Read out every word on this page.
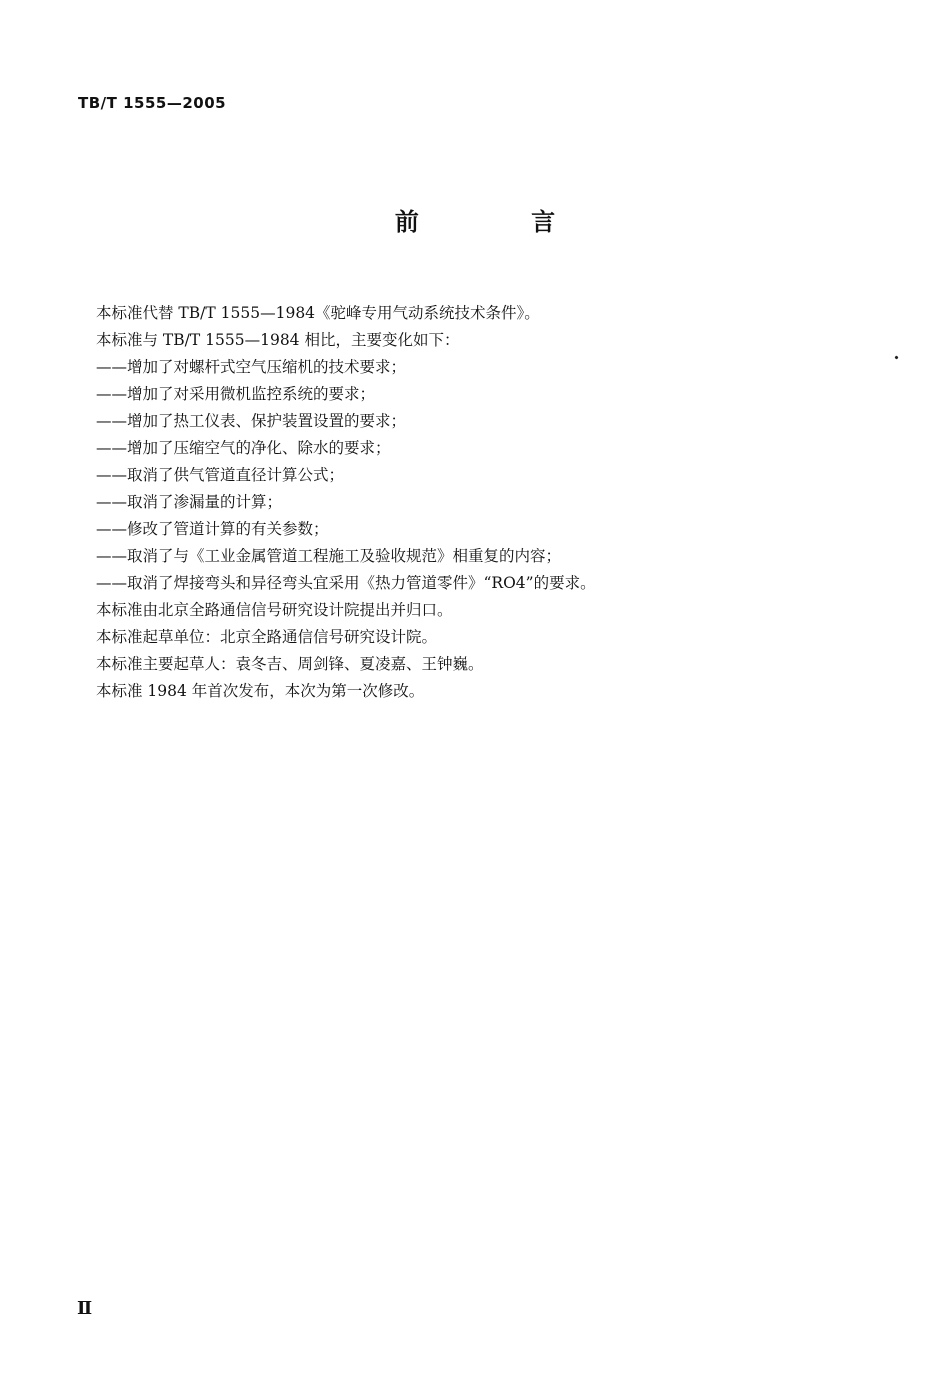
TB/T 1555—2005
前 言
本标准代替 TB/T 1555—1984《驼峰专用气动系统技术条件》。
本标准与 TB/T 1555—1984 相比，主要变化如下：
——增加了对螺杆式空气压缩机的技术要求；
——增加了对采用微机监控系统的要求；
——增加了热工仪表、保护装置设置的要求；
——增加了压缩空气的净化、除水的要求；
——取消了供气管道直径计算公式；
——取消了渗漏量的计算；
——修改了管道计算的有关参数；
——取消了与《工业金属管道工程施工及验收规范》相重复的内容；
——取消了焊接弯头和异径弯头宜采用《热力管道零件》“RO4”的要求。
本标准由北京全路通信信号研究设计院提出并归口。
本标准起草单位：北京全路通信信号研究设计院。
本标准主要起草人：袁冬吉、周剑锋、夏凌嘉、王钟巍。
本标准 1984 年首次发布，本次为第一次修改。
Ⅱ
